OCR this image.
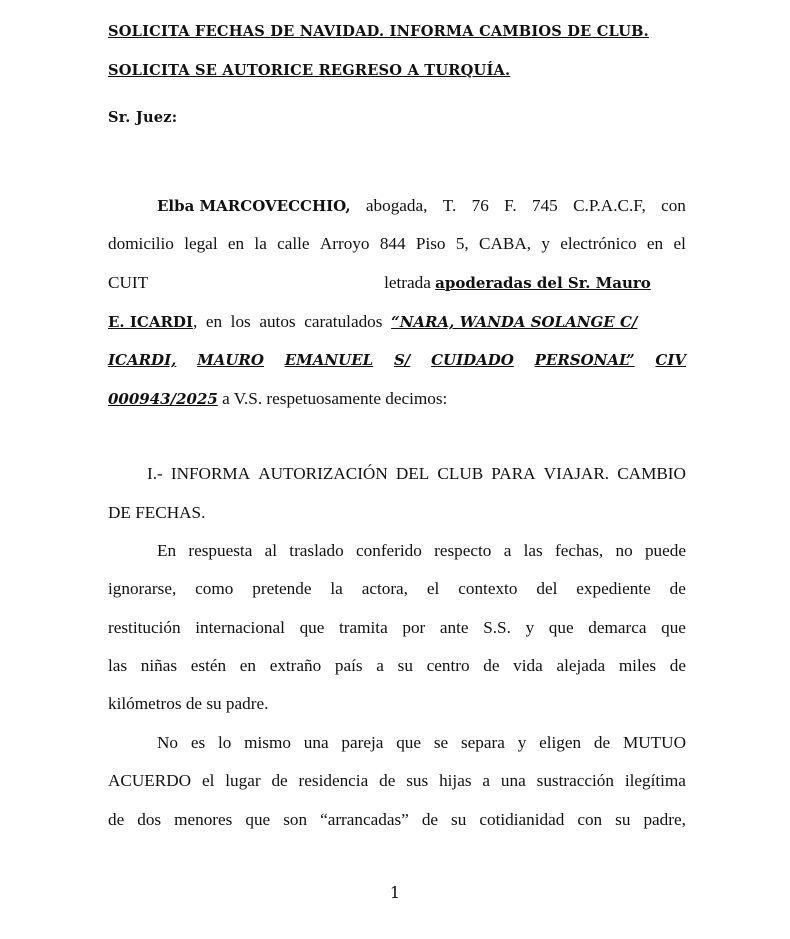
SOLICITA FECHAS DE NAVIDAD. INFORMA CAMBIOS DE CLUB.
SOLICITA SE AUTORICE REGRESO A TURQUÍA.
Sr. Juez:
Elba MARCOVECCHIO, abogada, T. 76 F. 745 C.P.A.C.F, con
domicilio legal en la calle Arroyo 844 Piso 5, CABA, y electrónico en el
CUIT	letrada apoderadas del Sr. Mauro
E. ICARDI,  en  los  autos  caratulados “NARA, WANDA SOLANGE C/
ICARDI, MAURO EMANUEL S/ CUIDADO PERSONAL” CIV
000943/2025 a V.S. respetuosamente decimos:
I.- INFORMA AUTORIZACIÓN DEL CLUB PARA VIAJAR. CAMBIO
DE FECHAS.
En respuesta al traslado conferido respecto a las fechas, no puede
ignorarse, como pretende la actora, el contexto del expediente de
restitución internacional que tramita por ante S.S. y que demarca que
las niñas estén en extraño país a su centro de vida alejada miles de
kilómetros de su padre.
No es lo mismo una pareja que se separa y eligen de MUTUO
ACUERDO el lugar de residencia de sus hijas a una sustracción ilegítima
de dos menores que son “arrancadas” de su cotidianidad con su padre,
1
